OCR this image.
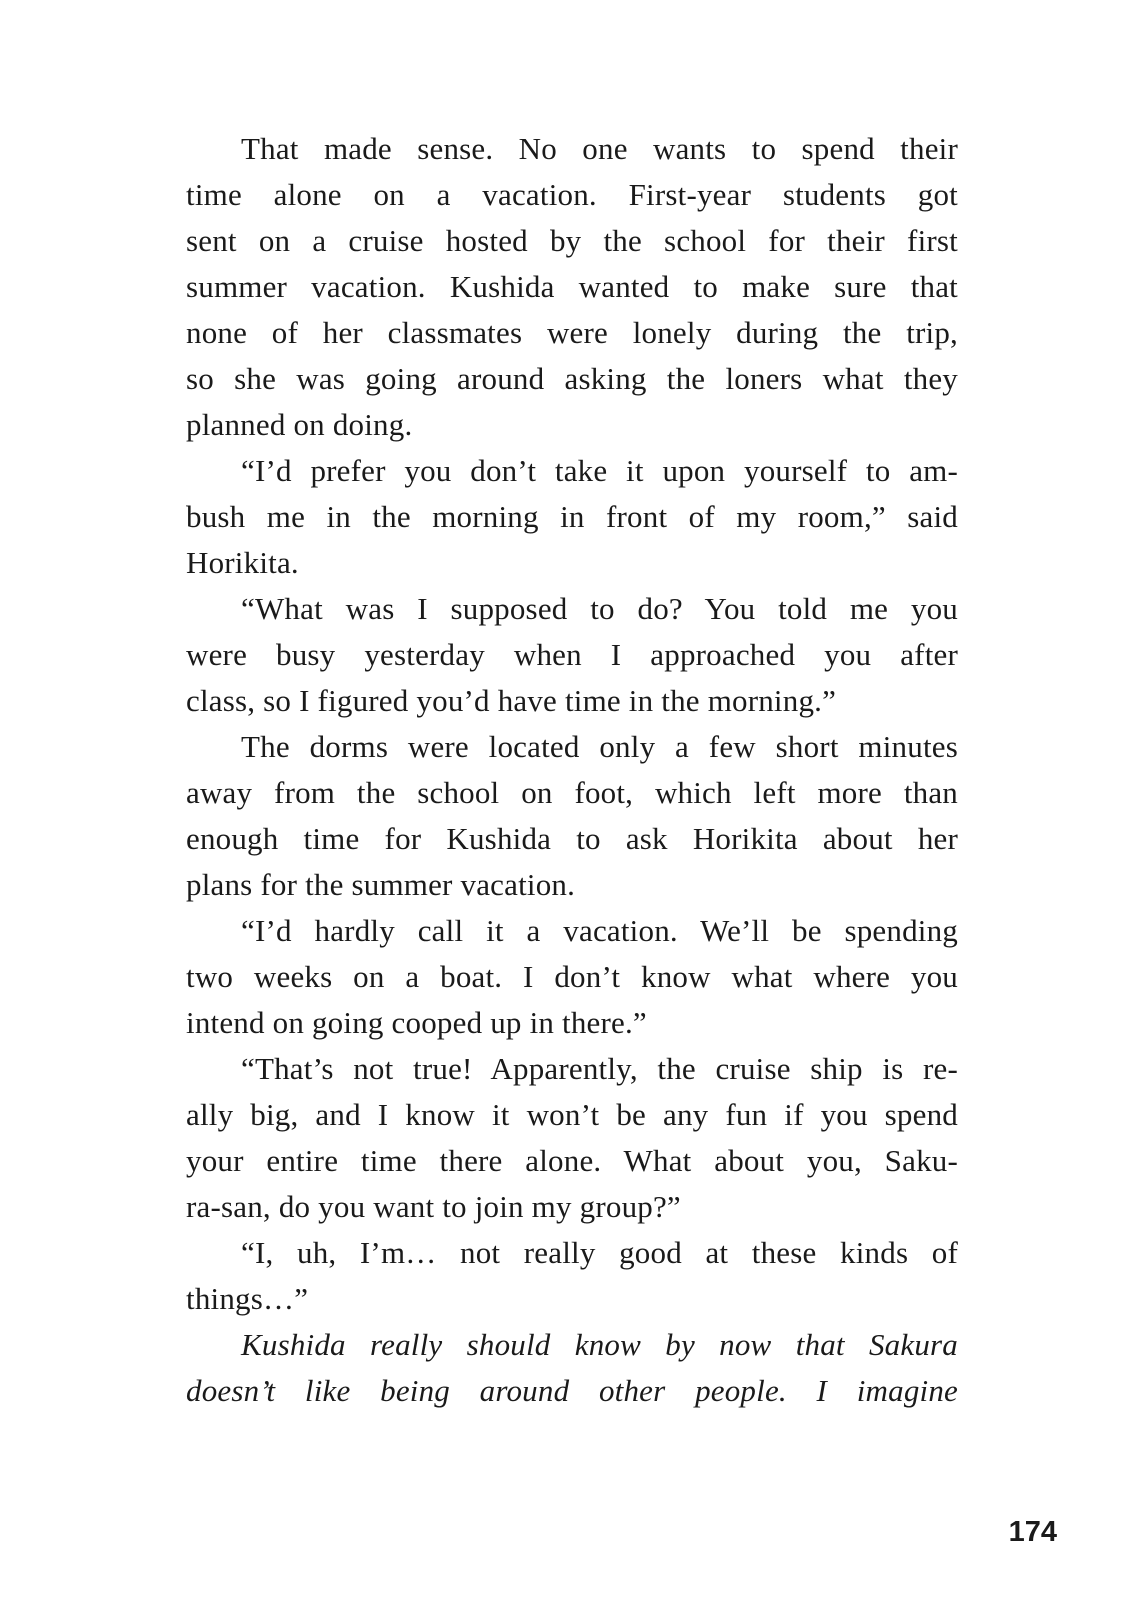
That made sense. No one wants to spend their
time alone on a vacation. First-year students got
sent on a cruise hosted by the school for their first
summer vacation. Kushida wanted to make sure that
none of her classmates were lonely during the trip,
so she was going around asking the loners what they
planned on doing.
“I’d prefer you don’t take it upon yourself to am-
bush me in the morning in front of my room,” said
Horikita.
“What was I supposed to do? You told me you
were busy yesterday when I approached you after
class, so I figured you’d have time in the morning.”
The dorms were located only a few short minutes
away from the school on foot, which left more than
enough time for Kushida to ask Horikita about her
plans for the summer vacation.
“I’d hardly call it a vacation. We’ll be spending
two weeks on a boat. I don’t know what where you
intend on going cooped up in there.”
“That’s not true! Apparently, the cruise ship is re-
ally big, and I know it won’t be any fun if you spend
your entire time there alone. What about you, Saku-
ra-san, do you want to join my group?”
“I, uh, I’m… not really good at these kinds of
things…”
Kushida really should know by now that Sakura
doesn’t like being around other people. I imagine
174
